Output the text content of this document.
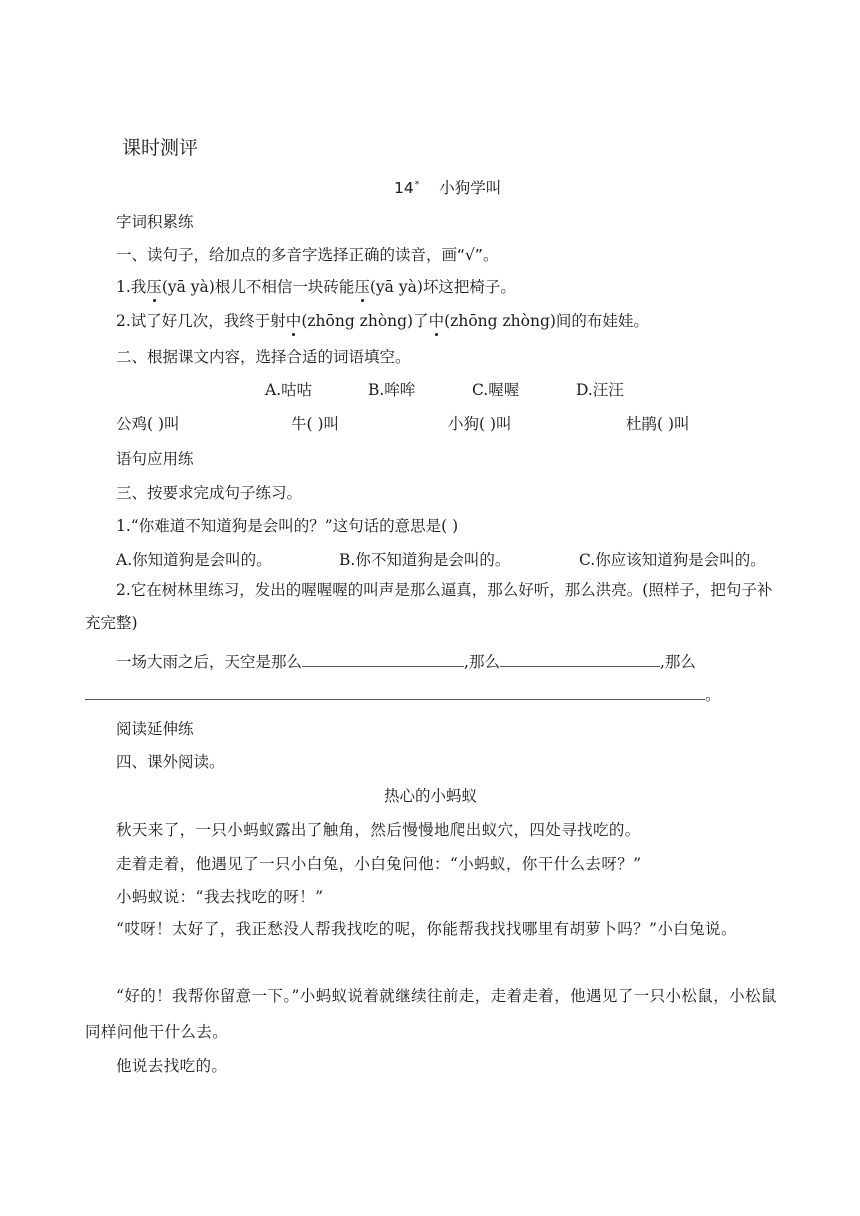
课时测评
14* 小狗学叫
字词积累练
一、读句子，给加点的多音字选择正确的读音，画“√”。
1.我压(yā yà)根儿不相信一块砖能压(yā yà)坏这把椅子。
2.试了好几次，我终于射中(zhōng zhòng)了中(zhōng zhòng)间的布娃娃。
二、根据课文内容，选择合适的词语填空。
A.咕咕	B.哞哞	C.喔喔	D.汪汪
公鸡( )叫	牛( )叫	小狗( )叫	杜鹃( )叫
语句应用练
三、按要求完成句子练习。
1.“你难道不知道狗是会叫的？”这句话的意思是( )
A.你知道狗是会叫的。	B.你不知道狗是会叫的。	C.你应该知道狗是会叫的。
2.它在树林里练习，发出的喔喔喔的叫声是那么逼真，那么好听，那么洪亮。(照样子，把句子补充完整)
一场大雨之后，天空是那么	,那么	,那么
。
阅读延伸练
四、课外阅读。
热心的小蚂蚁
秋天来了，一只小蚂蚁露出了触角，然后慢慢地爬出蚁穴，四处寻找吃的。
走着走着，他遇见了一只小白兔，小白兔问他：“小蚂蚁，你干什么去呀？”
小蚂蚁说：“我去找吃的呀！”
“哎呀！太好了，我正愁没人帮我找吃的呢，你能帮我找找哪里有胡萝卜吗？”小白兔说。
“好的！我帮你留意一下。”小蚂蚁说着就继续往前走，走着走着，他遇见了一只小松鼠，小松鼠同样问他干什么去。
他说去找吃的。
